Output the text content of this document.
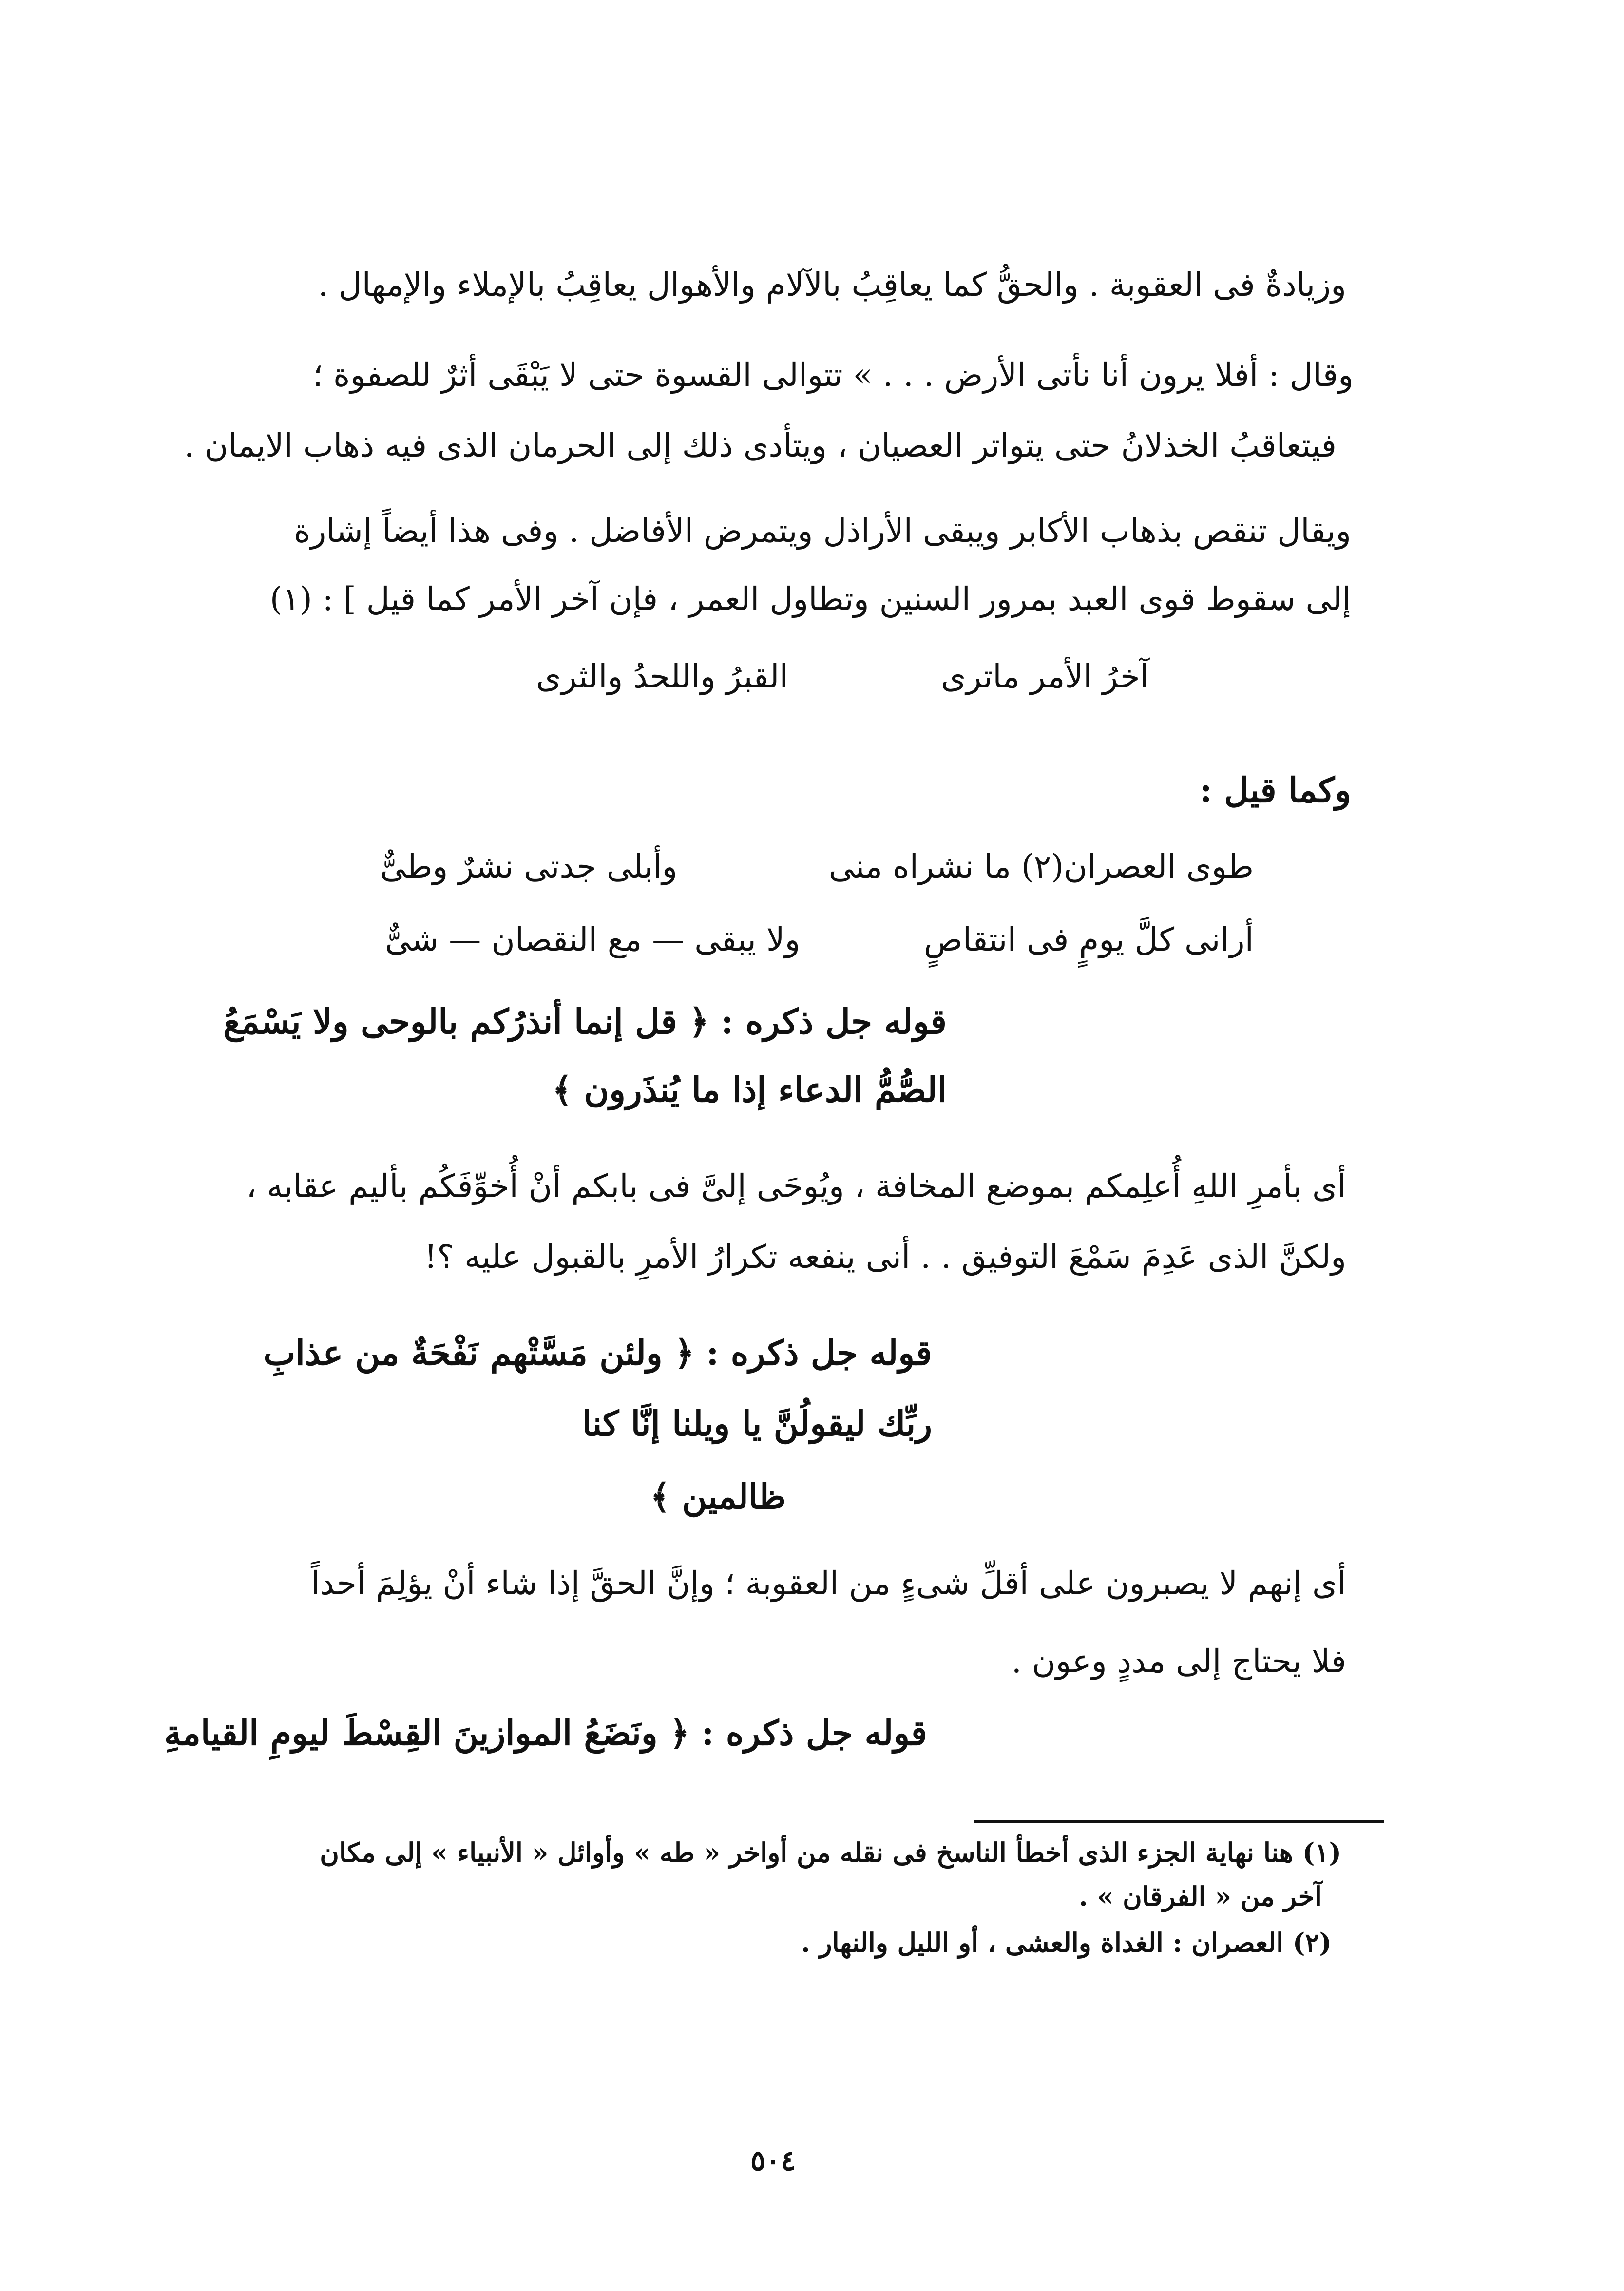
وزيادةٌ فى العقوبة . والحقُّ كما يعاقِبُ بالآلام والأهوال يعاقِبُ بالإملاء والإمهال .
وقال : أفلا يرون أنا نأتى الأرض . . . » تتوالى القسوة حتى لا يَبْقَى أثرٌ للصفوة ؛
فيتعاقبُ الخذلانُ حتى يتواتر العصيان ، ويتأدى ذلك إلى الحرمان الذى فيه ذهاب الايمان .
ويقال تنقص بذهاب الأكابر ويبقى الأراذل ويتمرض الأفاضل . وفى هذا أيضاً إشارة
إلى سقوط قوى العبد بمرور السنين وتطاول العمر ، فإن آخر الأمر كما قيل ] : (١)
آخرُ الأمر ماترى
القبرُ واللحدُ والثرى
وكما قيل :
طوى العصران(٢) ما نشراه منى
وأبلى جدتى نشرٌ وطىٌّ
أرانى كلَّ يومٍ فى انتقاصٍ
ولا يبقى — مع النقصان — شىٌّ
قوله جل ذكره : ﴿ قل إنما أنذرُكم بالوحى ولا يَسْمَعُ
الصُّمُّ الدعاء إذا ما يُنذَرون ﴾
أى بأمرِ اللهِ أُعلِمكم بموضع المخافة ، ويُوحَى إلىَّ فى بابكم أنْ أُخوِّفَكُم بأليم عقابه ،
ولكنَّ الذى عَدِمَ سَمْعَ التوفيق . . أنى ينفعه تكرارُ الأمرِ بالقبول عليه ؟!
قوله جل ذكره : ﴿ ولئن مَسَّتْهم نَفْحَةٌ من عذابِ
ربِّك ليقولُنَّ يا ويلنا إنَّا كنا
ظالمين ﴾
أى إنهم لا يصبرون على أقلِّ شىءٍ من العقوبة ؛ وإنَّ الحقَّ إذا شاء أنْ يؤلِمَ أحداً
فلا يحتاج إلى مددٍ وعون .
قوله جل ذكره : ﴿ ونَضَعُ الموازينَ القِسْطَ ليومِ القيامةِ
(١) هنا نهاية الجزء الذى أخطأ الناسخ فى نقله من أواخر « طه » وأوائل « الأنبياء » إلى مكان
آخر من « الفرقان » .
(٢) العصران : الغداة والعشى ، أو الليل والنهار .
٥٠٤
